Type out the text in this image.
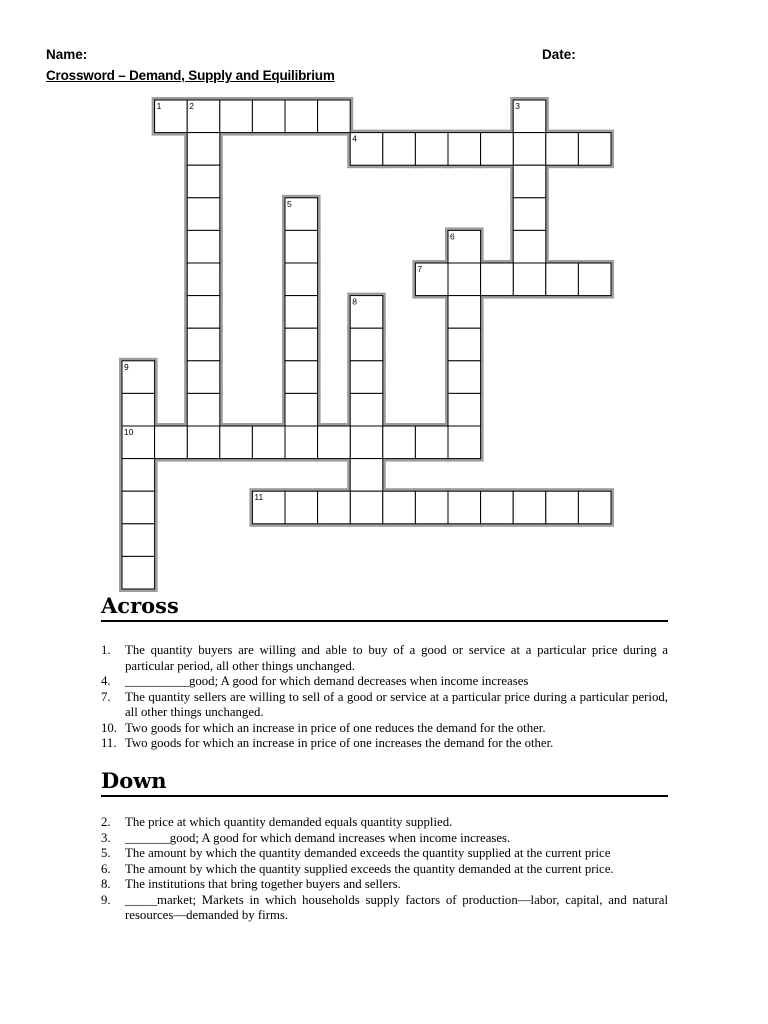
Name:	Date:
Crossword – Demand, Supply and Equilibrium
1	2	3
4
5
6
7
8
9
10
11
Across
1.	The quantity buyers are willing and able to buy of a good or service at a particular price during a particular period, all other things unchanged.
4.	__________good; A good for which demand decreases when income increases
7.	The quantity sellers are willing to sell of a good or service at a particular price during a particular period, all other things unchanged.
10. Two goods for which an increase in price of one reduces the demand for the other.
11. Two goods for which an increase in price of one increases the demand for the other.
Down
2.	The price at which quantity demanded equals quantity supplied.
3.	_______good; A good for which demand increases when income increases.
5.	The amount by which the quantity demanded exceeds the quantity supplied at the current price
6.	The amount by which the quantity supplied exceeds the quantity demanded at the current price.
8.	The institutions that bring together buyers and sellers.
9.	_____market; Markets in which households supply factors of production—labor, capital, and natural resources—demanded by firms.
